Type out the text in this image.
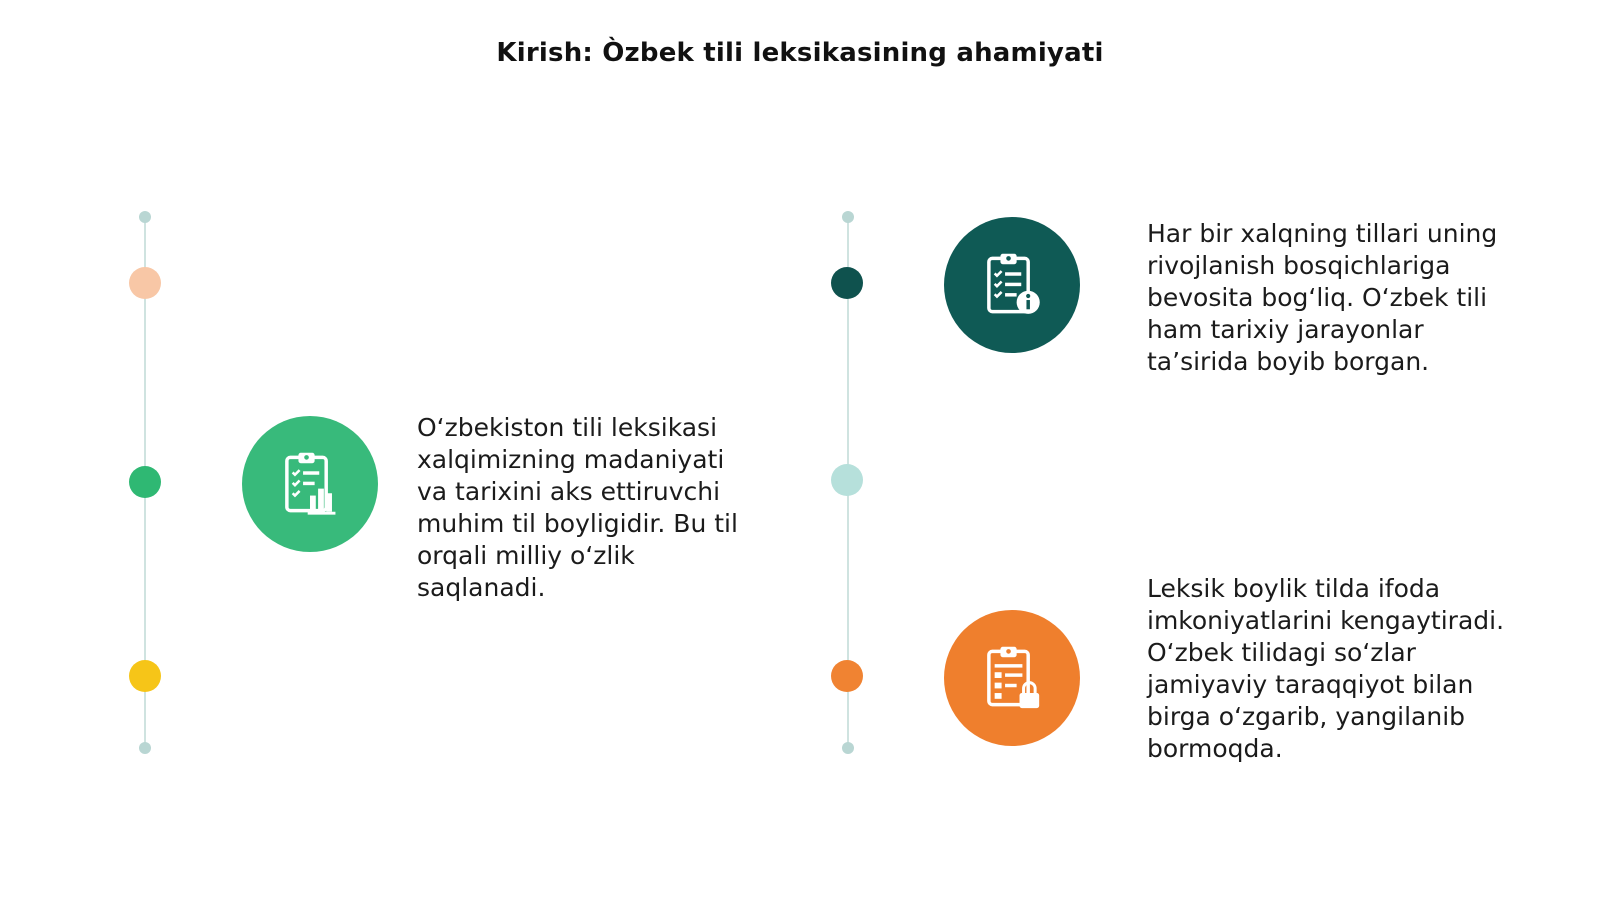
Kirish: Òzbek tili leksikasining ahamiyati
O‘zbekiston tili leksikasi xalqimizning madaniyati va tarixini aks ettiruvchi muhim til boyligidir. Bu til orqali milliy o‘zlik saqlanadi.
Har bir xalqning tillari uning rivojlanish bosqichlariga bevosita bog‘liq. O‘zbek tili ham tarixiy jarayonlar ta’sirida boyib borgan.
Leksik boylik tilda ifoda imkoniyatlarini kengaytiradi. O‘zbek tilidagi so‘zlar jamiyaviy taraqqiyot bilan birga o‘zgarib, yangilanib bormoqda.
